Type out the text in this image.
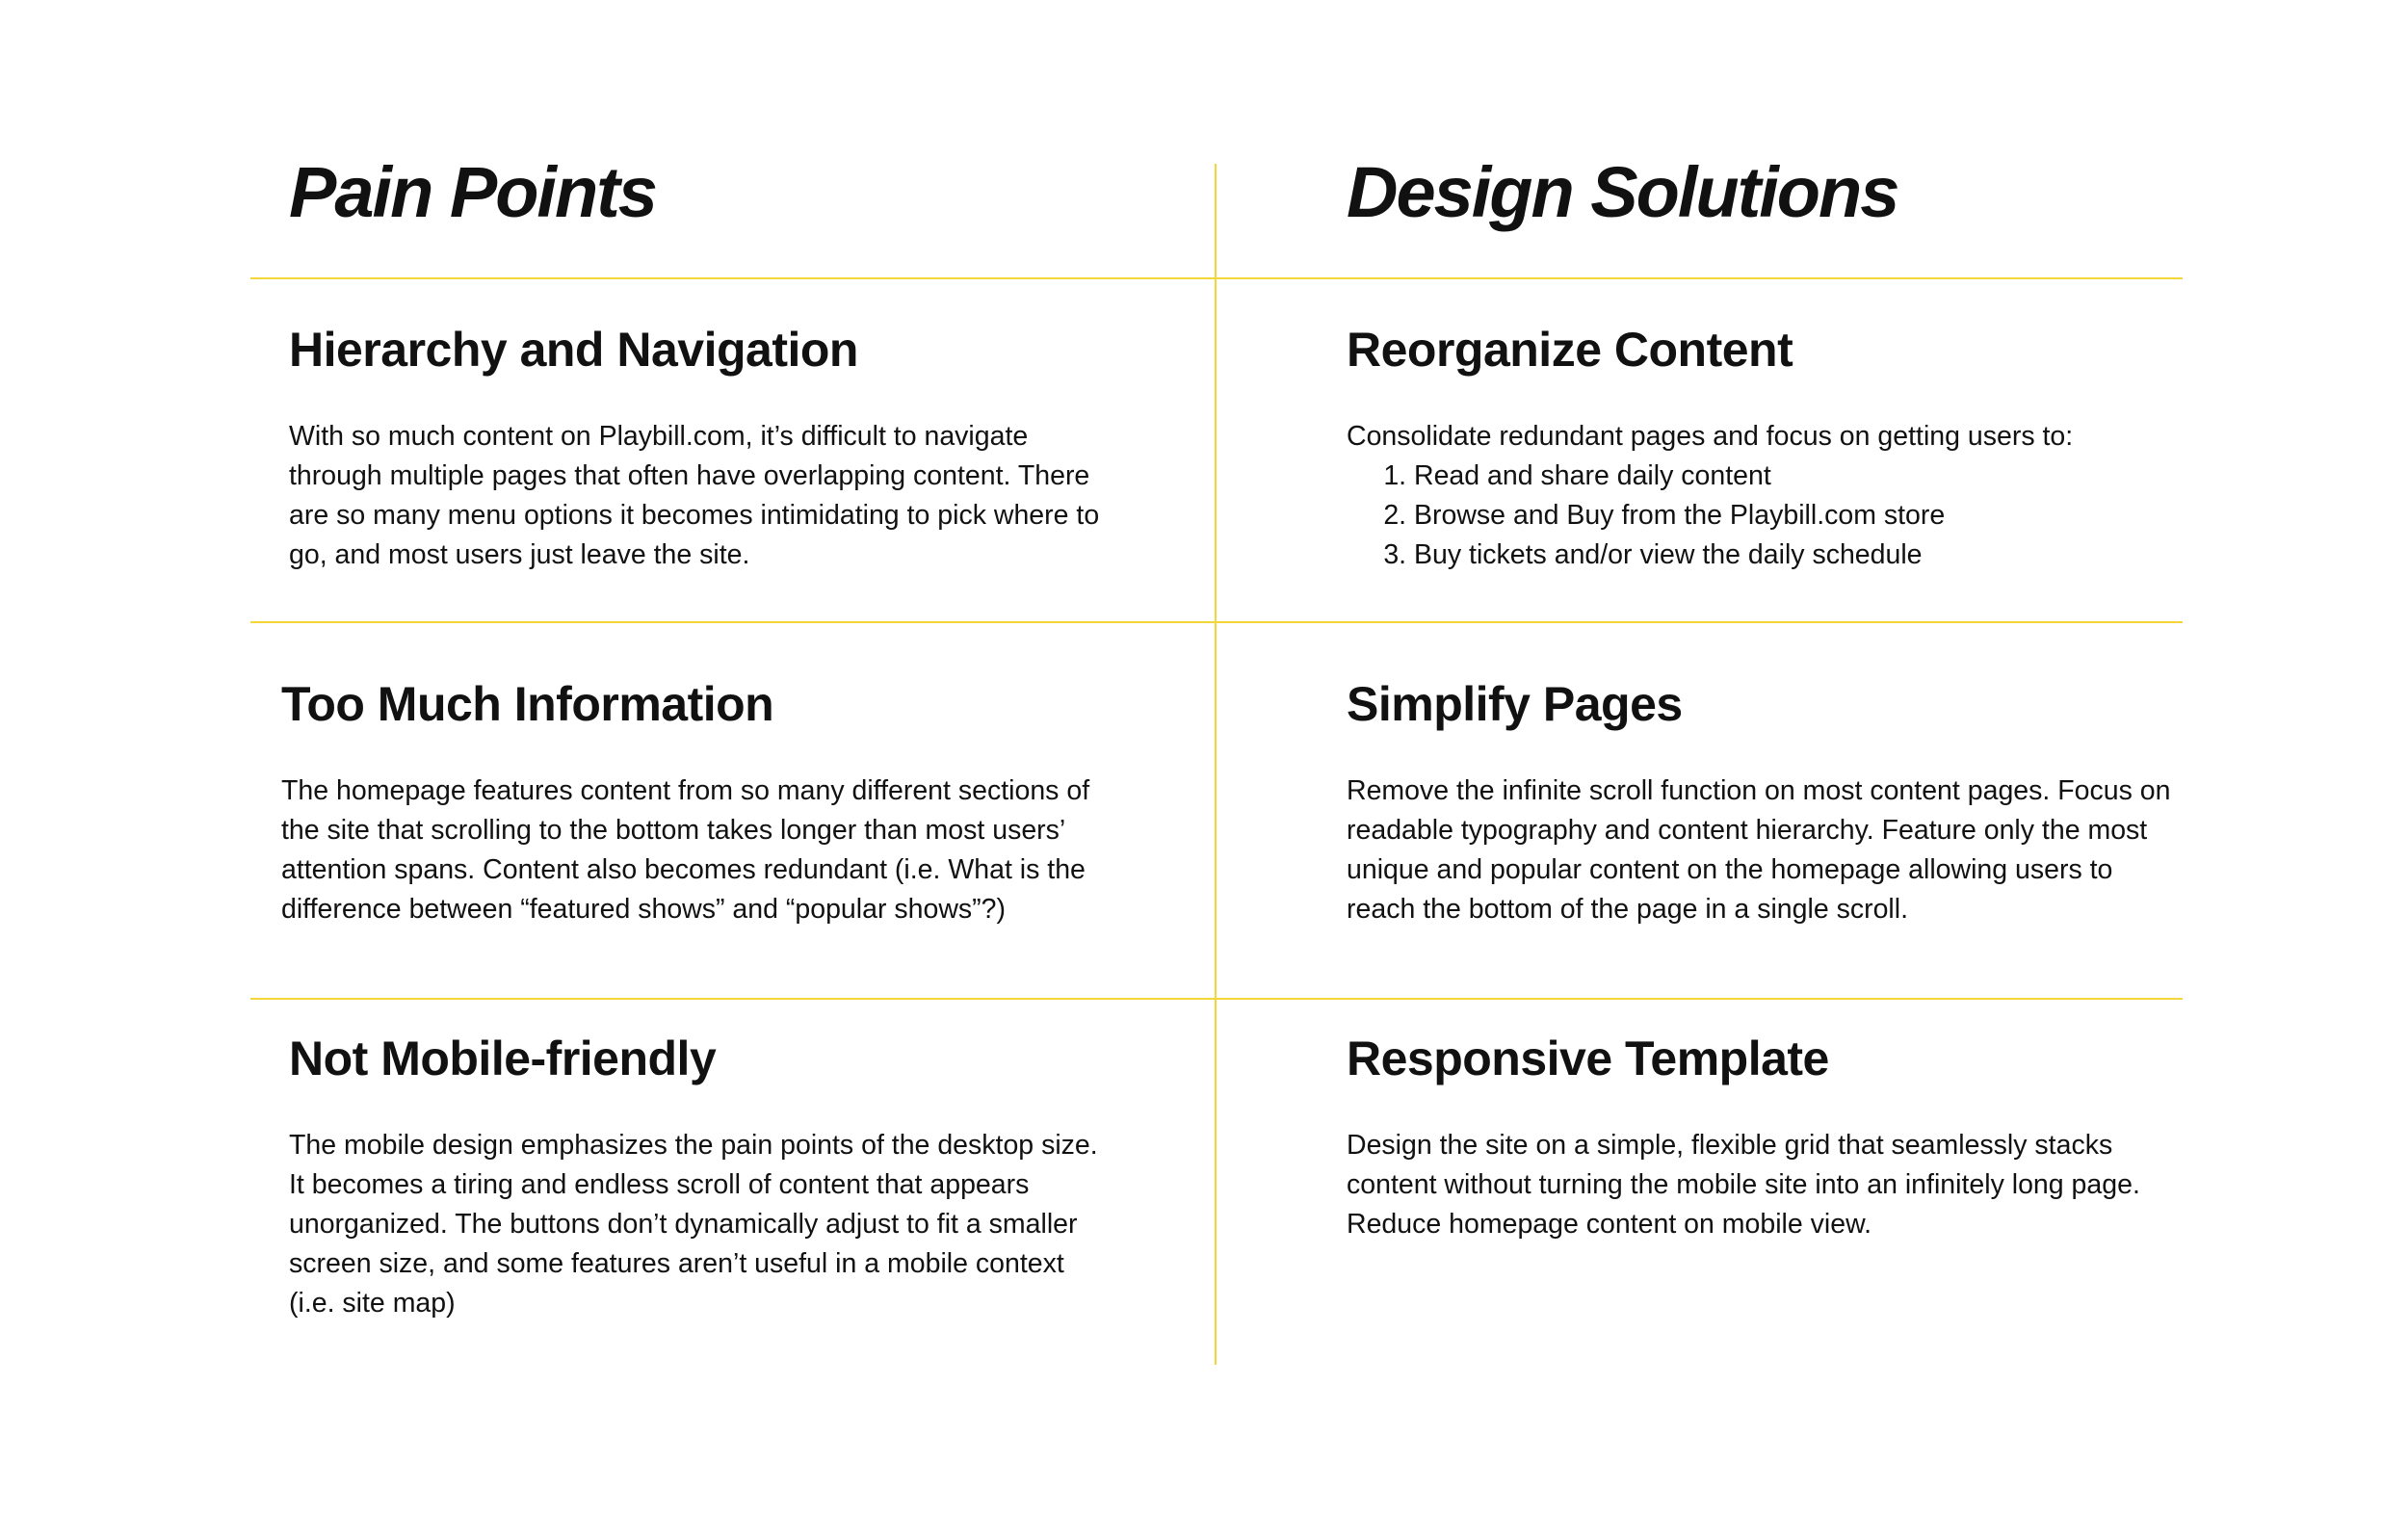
Pain Points	Design Solutions
Hierarchy and Navigation

With so much content on Playbill.com, it’s difficult to navigate through multiple pages that often have overlapping content. There are so many menu options it becomes intimidating to pick where to go, and most users just leave the site.

Too Much Information

The homepage features content from so many different sections of the site that scrolling to the bottom takes longer than most users’ attention spans. Content also becomes redundant (i.e. What is the difference between “featured shows” and “popular shows”?)

Not Mobile-friendly

The mobile design emphasizes the pain points of the desktop size. It becomes a tiring and endless scroll of content that appears unorganized. The buttons don’t dynamically adjust to fit a smaller screen size, and some features aren’t useful in a mobile context (i.e. site map)

Reorganize Content

Consolidate redundant pages and focus on getting users to:

1. Read and share daily content
2. Browse and Buy from the Playbill.com store
3. Buy tickets and/or view the daily schedule
Simplify Pages

Remove the infinite scroll function on most content pages. Focus on readable typography and content hierarchy. Feature only the most unique and popular content on the homepage allowing users to reach the bottom of the page in a single scroll.

Responsive Template

Design the site on a simple, flexible grid that seamlessly stacks content without turning the mobile site into an infinitely long page. Reduce homepage content on mobile view.
